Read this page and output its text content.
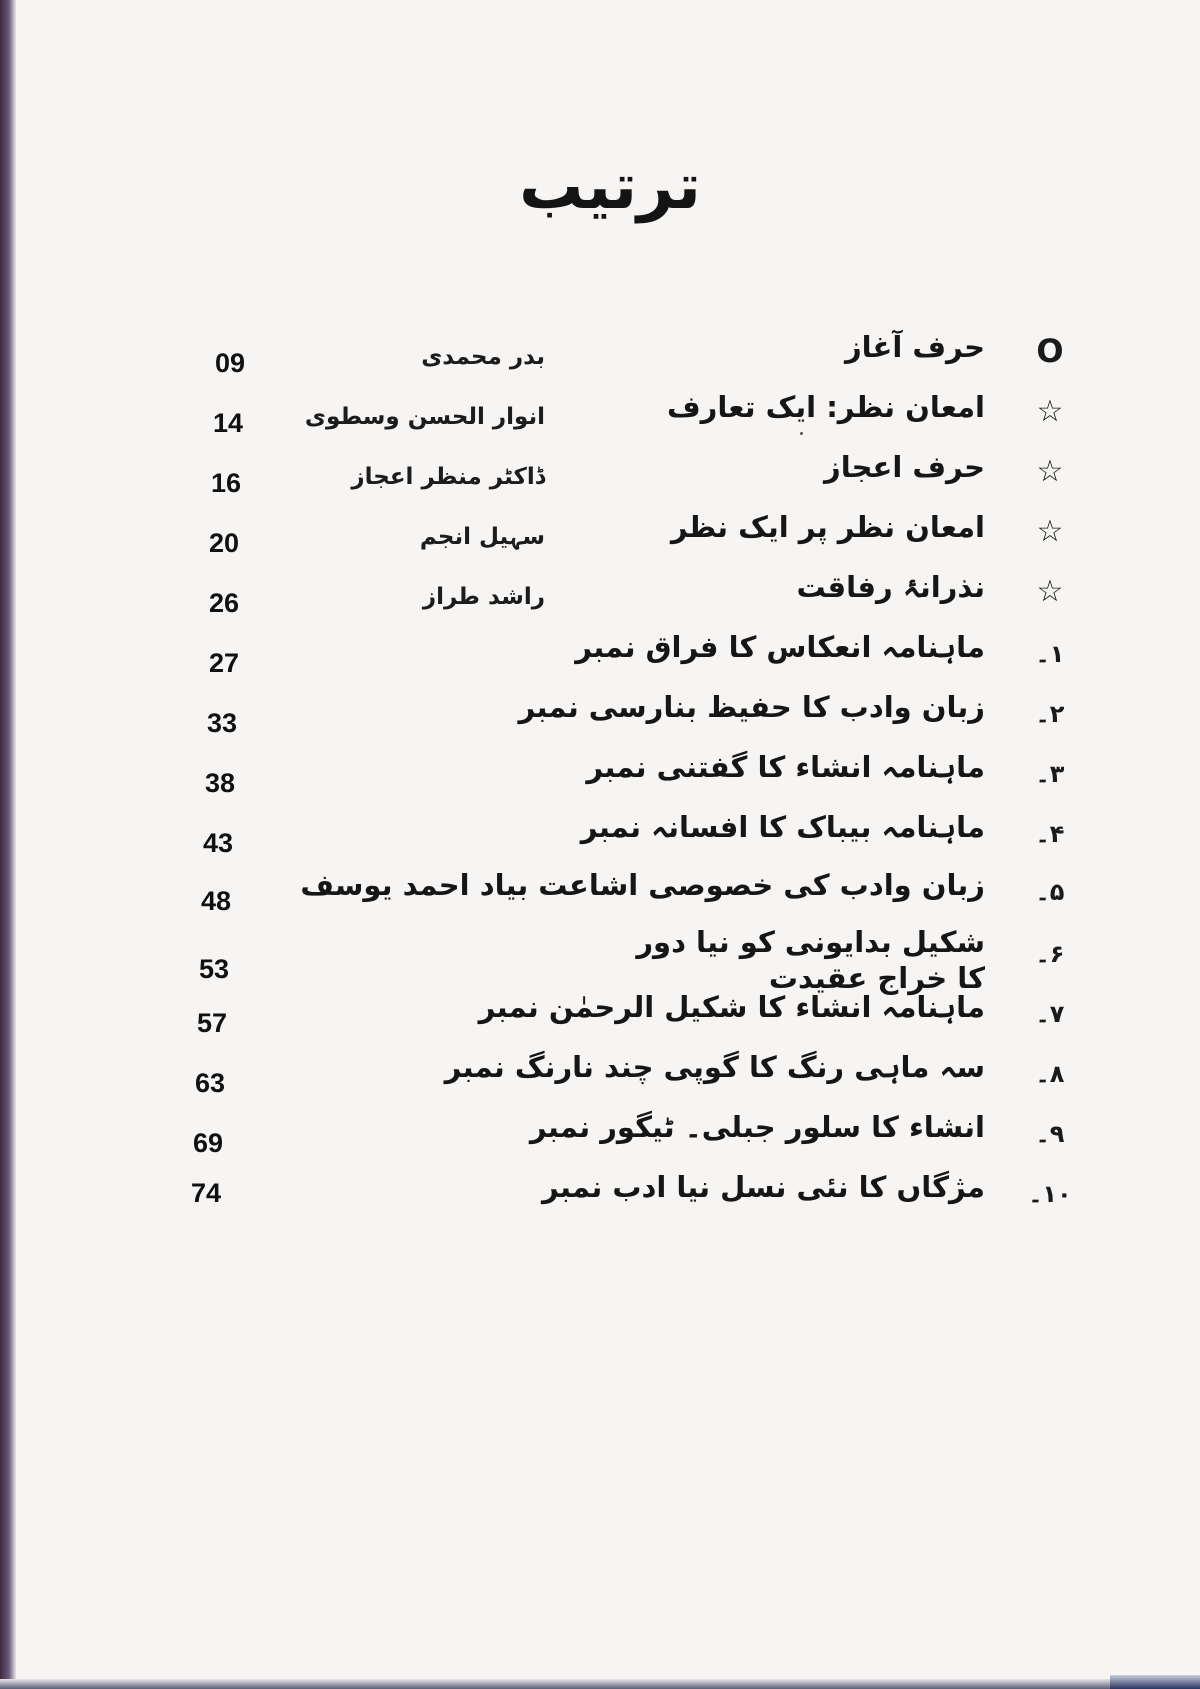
ترتیب
O
حرف آغاز
بدر محمدی
09
☆
امعان نظر: ایک تعارف
انوار الحسن وسطوی
14
☆
حرف اعجاز
ڈاکٹر منظر اعجاز
16
☆
امعان نظر پر ایک نظر
سہیل انجم
20
☆
نذرانۂ رفاقت
راشد طراز
26
۱۔
ماہنامہ انعکاس کا فراق نمبر
27
۲۔
زبان وادب کا حفیظ بنارسی نمبر
33
۳۔
ماہنامہ انشاء کا گفتنی نمبر
38
۴۔
ماہنامہ بیباک کا افسانہ نمبر
43
۵۔
زبان وادب کی خصوصی اشاعت بیاد احمد یوسف
48
۶۔
شکیل بدایونی کو نیا دور کا خراج عقیدت
53
۷۔
ماہنامہ انشاء کا شکیل الرحمٰن نمبر
57
۸۔
سہ ماہی رنگ کا گوپی چند نارنگ نمبر
63
۹۔
انشاء کا سلور جبلی۔ ٹیگور نمبر
69
۱۰۔
مژگاں کا نئی نسل نیا ادب نمبر
74
